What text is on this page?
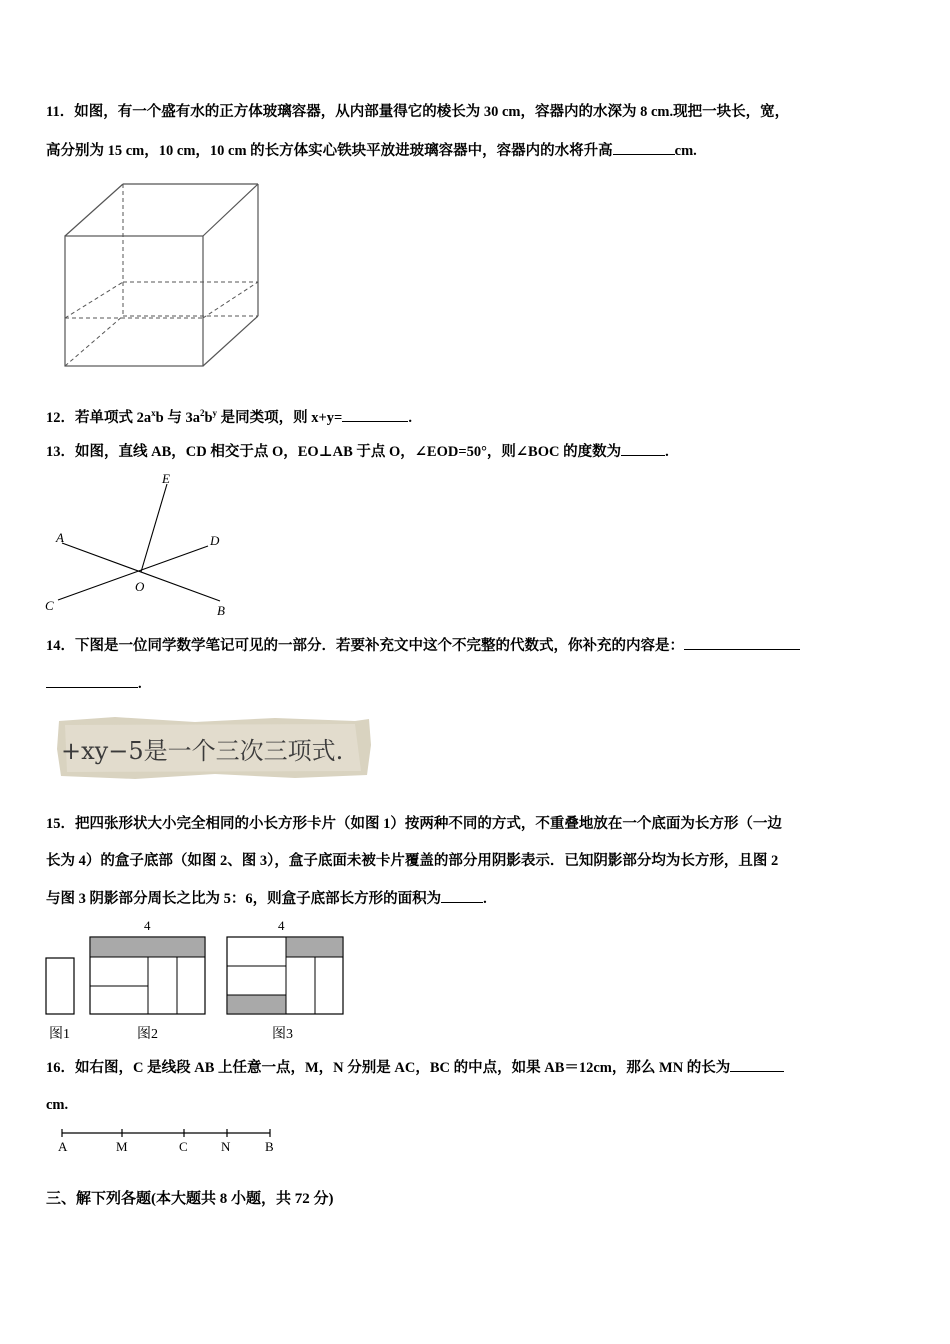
11．如图，有一个盛有水的正方体玻璃容器，从内部量得它的棱长为 30 cm，容器内的水深为 8 cm.现把一块长，宽，
高分别为 15 cm，10 cm，10 cm 的长方体实心铁块平放进玻璃容器中，容器内的水将升高	cm.
12．若单项式 $2a^xb$ 与 $3a^2b^y$ 是同类项，则 x+y=	.
13．如图，直线 AB，CD 相交于点 O，EO⊥AB 于点 O，∠EOD=50°，则∠BOC 的度数为	.
A
B
C
D
E
O
14．下图是一位同学数学笔记可见的一部分．若要补充文中这个不完整的代数式，你补充的内容是：
.
+xy−5是一个三次三项式.
15．把四张形状大小完全相同的小长方形卡片（如图 1）按两种不同的方式，不重叠地放在一个底面为长方形（一边
长为 4）的盒子底部（如图 2、图 3），盒子底面未被卡片覆盖的部分用阴影表示．已知阴影部分均为长方形，且图 2
与图 3 阴影部分周长之比为 5：6，则盒子底部长方形的面积为	.
图1
4
图2
4
图3
16．如右图，C 是线段 AB 上任意一点，M，N 分别是 AC，BC 的中点，如果 AB＝12cm，那么 MN 的长为
cm.
A	M	C	N	B
三、解下列各题(本大题共 8 小题，共 72 分)
